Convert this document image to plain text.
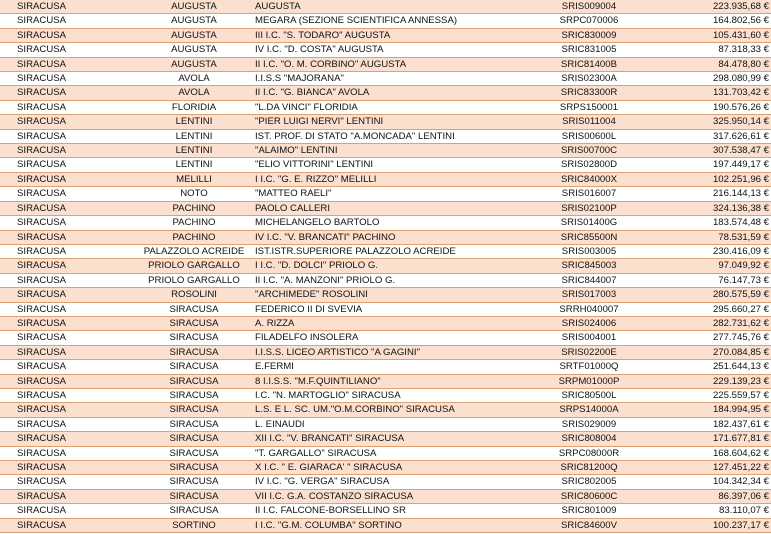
SIRACUSA	AUGUSTA	AUGUSTA	SRIS009004	223.935,68 €
SIRACUSA	AUGUSTA	MEGARA (SEZIONE SCIENTIFICA ANNESSA)	SRPC070006	164.802,56 €
SIRACUSA	AUGUSTA	III I.C. "S. TODARO" AUGUSTA	SRIC830009	105.431,60 €
SIRACUSA	AUGUSTA	IV I.C. "D. COSTA" AUGUSTA	SRIC831005	87.318,33 €
SIRACUSA	AUGUSTA	II I.C. "O. M. CORBINO" AUGUSTA	SRIC81400B	84.478,80 €
SIRACUSA	AVOLA	I.I.S.S "MAJORANA"	SRIS02300A	298.080,99 €
SIRACUSA	AVOLA	II I.C. "G. BIANCA" AVOLA	SRIC83300R	131.703,42 €
SIRACUSA	FLORIDIA	"L.DA VINCI" FLORIDIA	SRPS150001	190.576,26 €
SIRACUSA	LENTINI	"PIER LUIGI NERVI" LENTINI	SRIS011004	325.950,14 €
SIRACUSA	LENTINI	IST. PROF. DI STATO "A.MONCADA" LENTINI	SRIS00600L	317.626,61 €
SIRACUSA	LENTINI	"ALAIMO" LENTINI	SRIS00700C	307.538,47 €
SIRACUSA	LENTINI	"ELIO VITTORINI" LENTINI	SRIS02800D	197.449,17 €
SIRACUSA	MELILLI	I I.C. "G. E. RIZZO" MELILLI	SRIC84000X	102.251,96 €
SIRACUSA	NOTO	"MATTEO RAELI"	SRIS016007	216.144,13 €
SIRACUSA	PACHINO	PAOLO CALLERI	SRIS02100P	324.136,38 €
SIRACUSA	PACHINO	MICHELANGELO BARTOLO	SRIS01400G	183.574,48 €
SIRACUSA	PACHINO	IV I.C. "V. BRANCATI" PACHINO	SRIC85500N	78.531,59 €
SIRACUSA	PALAZZOLO ACREIDE	IST.ISTR.SUPERIORE PALAZZOLO ACREIDE	SRIS003005	230.416,09 €
SIRACUSA	PRIOLO GARGALLO	I I.C. "D. DOLCI" PRIOLO G.	SRIC845003	97.049,92 €
SIRACUSA	PRIOLO GARGALLO	II I.C. "A. MANZONI" PRIOLO G.	SRIC844007	76.147,73 €
SIRACUSA	ROSOLINI	"ARCHIMEDE" ROSOLINI	SRIS017003	280.575,59 €
SIRACUSA	SIRACUSA	FEDERICO II DI SVEVIA	SRRH040007	295.660,27 €
SIRACUSA	SIRACUSA	A. RIZZA	SRIS024006	282.731,62 €
SIRACUSA	SIRACUSA	FILADELFO INSOLERA	SRIS004001	277.745,76 €
SIRACUSA	SIRACUSA	I.I.S.S. LICEO ARTISTICO "A GAGINI"	SRIS02200E	270.084,85 €
SIRACUSA	SIRACUSA	E.FERMI	SRTF01000Q	251.644,13 €
SIRACUSA	SIRACUSA	8 I.I.S.S. "M.F.QUINTILIANO"	SRPM01000P	229.139,23 €
SIRACUSA	SIRACUSA	I.C. "N. MARTOGLIO" SIRACUSA	SRIC80500L	225.559,57 €
SIRACUSA	SIRACUSA	L.S. E L. SC. UM."O.M.CORBINO" SIRACUSA	SRPS14000A	184.994,95 €
SIRACUSA	SIRACUSA	L. EINAUDI	SRIS029009	182.437,61 €
SIRACUSA	SIRACUSA	XII I.C. "V. BRANCATI" SIRACUSA	SRIC808004	171.677,81 €
SIRACUSA	SIRACUSA	"T. GARGALLO" SIRACUSA	SRPC08000R	168.604,62 €
SIRACUSA	SIRACUSA	X I.C. " E. GIARACA' " SIRACUSA	SRIC81200Q	127.451,22 €
SIRACUSA	SIRACUSA	IV I.C. "G. VERGA" SIRACUSA	SRIC802005	104.342,34 €
SIRACUSA	SIRACUSA	VII I.C. G.A. COSTANZO SIRACUSA	SRIC80600C	86.397,06 €
SIRACUSA	SIRACUSA	II I.C. FALCONE-BORSELLINO SR	SRIC801009	83.110,07 €
SIRACUSA	SORTINO	I I.C. "G.M. COLUMBA" SORTINO	SRIC84600V	100.237,17 €
